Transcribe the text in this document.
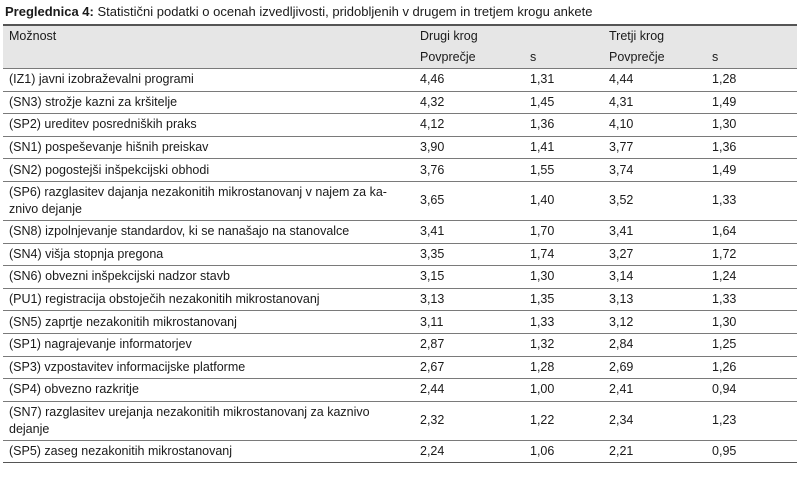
Preglednica 4: Statistični podatki o ocenah izvedljivosti, pridobljenih v drugem in tretjem krogu ankete
Možnost	Drugi krog		Tretji krog	
	Povprečje	s	Povprečje	s
(IZ1) javni izobraževalni programi	4,46	1,31	4,44	1,28
(SN3) strožje kazni za kršitelje	4,32	1,45	4,31	1,49
(SP2) ureditev posredniških praks	4,12	1,36	4,10	1,30
(SN1) pospeševanje hišnih preiskav	3,90	1,41	3,77	1,36
(SN2) pogostejši inšpekcijski obhodi	3,76	1,55	3,74	1,49
(SP6) razglasitev dajanja nezakonitih mikrostanovanj v najem za ka-
znivo dejanje	3,65	1,40	3,52	1,33
(SN8) izpolnjevanje standardov, ki se nanašajo na stanovalce	3,41	1,70	3,41	1,64
(SN4) višja stopnja pregona	3,35	1,74	3,27	1,72
(SN6) obvezni inšpekcijski nadzor stavb	3,15	1,30	3,14	1,24
(PU1) registracija obstoječih nezakonitih mikrostanovanj	3,13	1,35	3,13	1,33
(SN5) zaprtje nezakonitih mikrostanovanj	3,11	1,33	3,12	1,30
(SP1) nagrajevanje informatorjev	2,87	1,32	2,84	1,25
(SP3) vzpostavitev informacijske platforme	2,67	1,28	2,69	1,26
(SP4) obvezno razkritje	2,44	1,00	2,41	0,94
(SN7) razglasitev urejanja nezakonitih mikrostanovanj za kaznivo
dejanje	2,32	1,22	2,34	1,23
(SP5) zaseg nezakonitih mikrostanovanj	2,24	1,06	2,21	0,95
